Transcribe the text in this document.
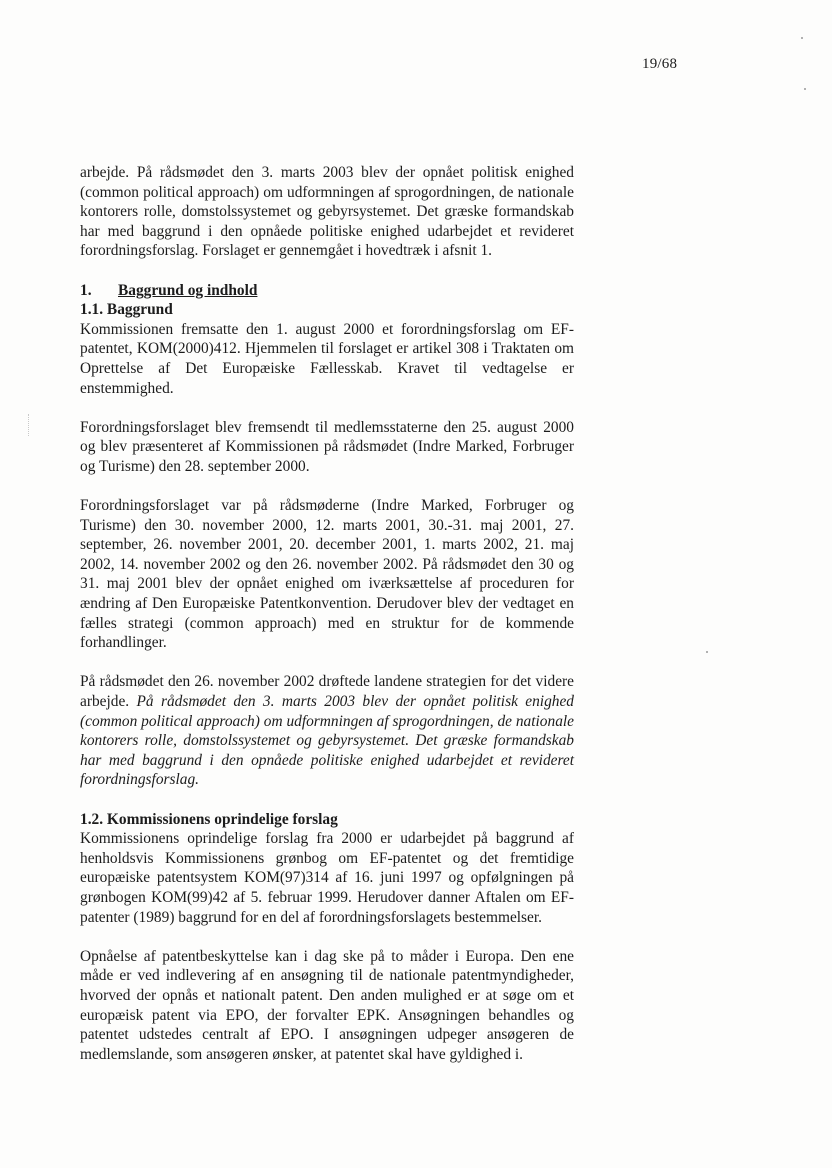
19/68

arbejde. På rådsmødet den 3. marts 2003 blev der opnået politisk enighed (common political approach) om udformningen af sprogordningen, de nationale kontorers rolle, domstolssystemet og gebyrsystemet. Det græske formandskab har med baggrund i den opnåede politiske enighed udarbejdet et revideret forordningsforslag. Forslaget er gennemgået i hovedtræk i afsnit 1.

1. Baggrund og indhold

1.1. Baggrund

Kommissionen fremsatte den 1. august 2000 et forordningsforslag om EF-patentet, KOM(2000)412. Hjemmelen til forslaget er artikel 308 i Traktaten om Oprettelse af Det Europæiske Fællesskab. Kravet til vedtagelse er enstemmighed.

Forordningsforslaget blev fremsendt til medlemsstaterne den 25. august 2000 og blev præsenteret af Kommissionen på rådsmødet (Indre Marked, Forbruger og Turisme) den 28. september 2000.

Forordningsforslaget var på rådsmøderne (Indre Marked, Forbruger og Turisme) den 30. november 2000, 12. marts 2001, 30.-31. maj 2001, 27. september, 26. november 2001, 20. december 2001, 1. marts 2002, 21. maj 2002, 14. november 2002 og den 26. november 2002. På rådsmødet den 30 og 31. maj 2001 blev der opnået enighed om iværksættelse af proceduren for ændring af Den Europæiske Patentkonvention. Derudover blev der vedtaget en fælles strategi (common approach) med en struktur for de kommende forhandlinger.

På rådsmødet den 26. november 2002 drøftede landene strategien for det videre arbejde. På rådsmødet den 3. marts 2003 blev der opnået politisk enighed (common political approach) om udformningen af sprogordningen, de nationale kontorers rolle, domstolssystemet og gebyrsystemet. Det græske formandskab har med baggrund i den opnåede politiske enighed udarbejdet et revideret forordningsforslag.

1.2. Kommissionens oprindelige forslag

Kommissionens oprindelige forslag fra 2000 er udarbejdet på baggrund af henholdsvis Kommissionens grønbog om EF-patentet og det fremtidige europæiske patentsystem KOM(97)314 af 16. juni 1997 og opfølgningen på grønbogen KOM(99)42 af 5. februar 1999. Herudover danner Aftalen om EF-patenter (1989) baggrund for en del af forordningsforslagets bestemmelser.

Opnåelse af patentbeskyttelse kan i dag ske på to måder i Europa. Den ene måde er ved indlevering af en ansøgning til de nationale patentmyndigheder, hvorved der opnås et nationalt patent. Den anden mulighed er at søge om et europæisk patent via EPO, der forvalter EPK. Ansøgningen behandles og patentet udstedes centralt af EPO. I ansøgningen udpeger ansøgeren de medlemslande, som ansøgeren ønsker, at patentet skal have gyldighed i.
